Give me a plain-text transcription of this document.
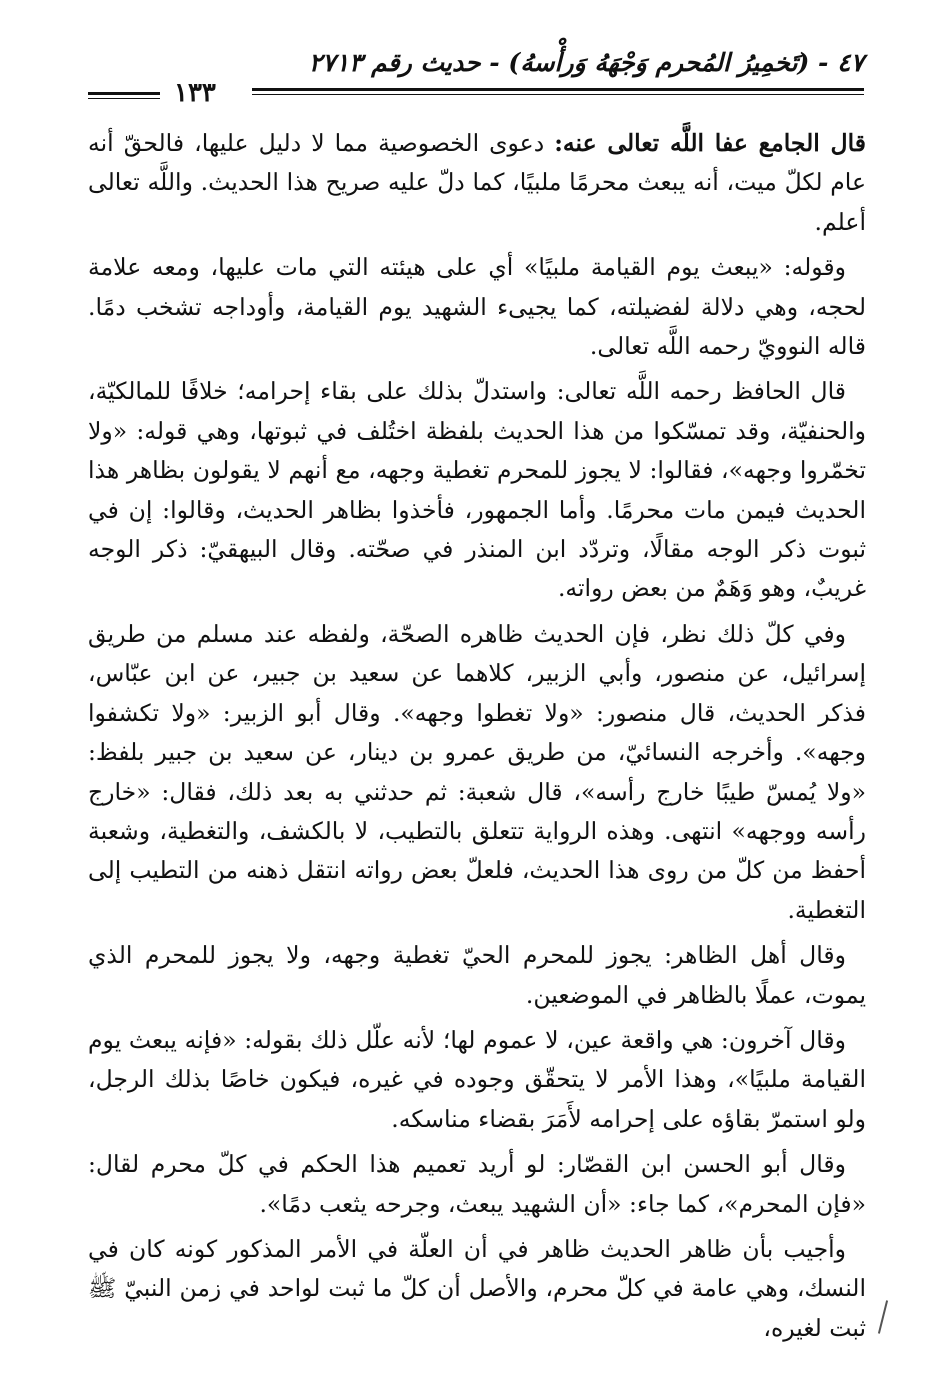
٤٧ - (تَخمِيرُ المُحرم وَجْهَهُ وَرأْسهُ) - حديث رقم ٢٧١٣
١٣٣

قال الجامع عفا اللَّه تعالى عنه: دعوى الخصوصية مما لا دليل عليها، فالحقّ أنه عام لكلّ ميت، أنه يبعث محرمًا ملبيًا، كما دلّ عليه صريح هذا الحديث. واللَّه تعالى أعلم.

وقوله: «يبعث يوم القيامة ملبيًا» أي على هيئته التي مات عليها، ومعه علامة لحجه، وهي دلالة لفضيلته، كما يجيىء الشهيد يوم القيامة، وأوداجه تشخب دمًا. قاله النوويّ رحمه اللَّه تعالى.

قال الحافظ رحمه اللَّه تعالى: واستدلّ بذلك على بقاء إحرامه؛ خلافًا للمالكيّة، والحنفيّة، وقد تمسّكوا من هذا الحديث بلفظة اختُلف في ثبوتها، وهي قوله: «ولا تخمّروا وجهه»، فقالوا: لا يجوز للمحرم تغطية وجهه، مع أنهم لا يقولون بظاهر هذا الحديث فيمن مات محرمًا. وأما الجمهور، فأخذوا بظاهر الحديث، وقالوا: إن في ثبوت ذكر الوجه مقالًا، وتردّد ابن المنذر في صحّته. وقال البيهقيّ: ذكر الوجه غريبٌ، وهو وَهَمٌ من بعض رواته.

وفي كلّ ذلك نظر، فإن الحديث ظاهره الصحّة، ولفظه عند مسلم من طريق إسرائيل، عن منصور، وأبي الزبير، كلاهما عن سعيد بن جبير، عن ابن عبّاس، فذكر الحديث، قال منصور: «ولا تغطوا وجهه». وقال أبو الزبير: «ولا تكشفوا وجهه». وأخرجه النسائيّ، من طريق عمرو بن دينار، عن سعيد بن جبير بلفظ: «ولا يُمسّ طيبًا خارج رأسه»، قال شعبة: ثم حدثني به بعد ذلك، فقال: «خارج رأسه ووجهه» انتهى. وهذه الرواية تتعلق بالتطيب، لا بالكشف، والتغطية، وشعبة أحفظ من كلّ من روى هذا الحديث، فلعلّ بعض رواته انتقل ذهنه من التطيب إلى التغطية.

وقال أهل الظاهر: يجوز للمحرم الحيّ تغطية وجهه، ولا يجوز للمحرم الذي يموت، عملًا بالظاهر في الموضعين.

وقال آخرون: هي واقعة عين، لا عموم لها؛ لأنه علّل ذلك بقوله: «فإنه يبعث يوم القيامة ملبيًا»، وهذا الأمر لا يتحقّق وجوده في غيره، فيكون خاصًا بذلك الرجل، ولو استمرّ بقاؤه على إحرامه لأَمَرَ بقضاء مناسكه.

وقال أبو الحسن ابن القصّار: لو أريد تعميم هذا الحكم في كلّ محرم لقال: «فإن المحرم»، كما جاء: «أن الشهيد يبعث، وجرحه يثعب دمًا».

وأجيب بأن ظاهر الحديث ظاهر في أن العلّة في الأمر المذكور كونه كان في النسك، وهي عامة في كلّ محرم، والأصل أن كلّ ما ثبت لواحد في زمن النبيّ ﷺ ثبت لغيره،
